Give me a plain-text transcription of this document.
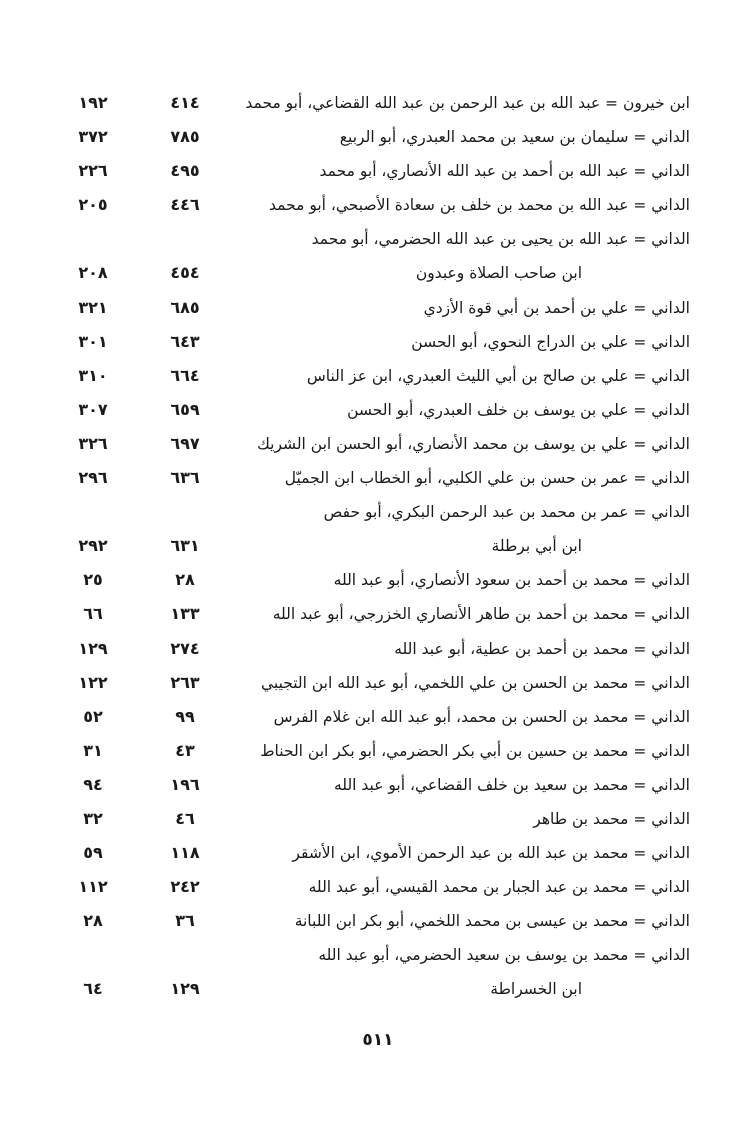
ابن خيرون = عبد الله بن عبد الرحمن بن عبد الله القضاعي، أبو محمد
٤١٤
١٩٢
الداني = سليمان بن سعيد بن محمد العبدري، أبو الربيع
٧٨٥
٣٧٢
الداني = عبد الله بن أحمد بن عبد الله الأنصاري، أبو محمد
٤٩٥
٢٢٦
الداني = عبد الله بن محمد بن خلف بن سعادة الأصبحي، أبو محمد
٤٤٦
٢٠٥
الداني = عبد الله بن يحيى بن عبد الله الحضرمي، أبو محمد
ابن صاحب الصلاة وعبدون
٤٥٤
٢٠٨
الداني = علي بن أحمد بن أبي قوة الأزدي
٦٨٥
٣٢١
الداني = علي بن الدراج النحوي، أبو الحسن
٦٤٣
٣٠١
الداني = علي بن صالح بن أبي الليث العبدري، ابن عز الناس
٦٦٤
٣١٠
الداني = علي بن يوسف بن خلف العبدري، أبو الحسن
٦٥٩
٣٠٧
الداني = علي بن يوسف بن محمد الأنصاري، أبو الحسن ابن الشريك
٦٩٧
٣٢٦
الداني = عمر بن حسن بن علي الكلبي، أبو الخطاب ابن الجميّل
٦٣٦
٢٩٦
الداني = عمر بن محمد بن عبد الرحمن البكري، أبو حفص
ابن أبي برطلة
٦٣١
٢٩٢
الداني = محمد بن أحمد بن سعود الأنصاري، أبو عبد الله
٢٨
٢٥
الداني = محمد بن أحمد بن طاهر الأنصاري الخزرجي، أبو عبد الله
١٣٣
٦٦
الداني = محمد بن أحمد بن عطية، أبو عبد الله
٢٧٤
١٢٩
الداني = محمد بن الحسن بن علي اللخمي، أبو عبد الله ابن التجيبي
٢٦٣
١٢٢
الداني = محمد بن الحسن بن محمد، أبو عبد الله ابن غلام الفرس
٩٩
٥٢
الداني = محمد بن حسين بن أبي بكر الحضرمي، أبو بكر ابن الحناط
٤٣
٣١
الداني = محمد بن سعيد بن خلف القضاعي، أبو عبد الله
١٩٦
٩٤
الداني = محمد بن طاهر
٤٦
٣٢
الداني = محمد بن عبد الله بن عبد الرحمن الأموي، ابن الأشقر
١١٨
٥٩
الداني = محمد بن عبد الجبار بن محمد القيسي، أبو عبد الله
٢٤٢
١١٢
الداني = محمد بن عيسى بن محمد اللخمي، أبو بكر ابن اللبانة
٣٦
٢٨
الداني = محمد بن يوسف بن سعيد الحضرمي، أبو عبد الله
ابن الخسراطة
١٢٩
٦٤
٥١١
